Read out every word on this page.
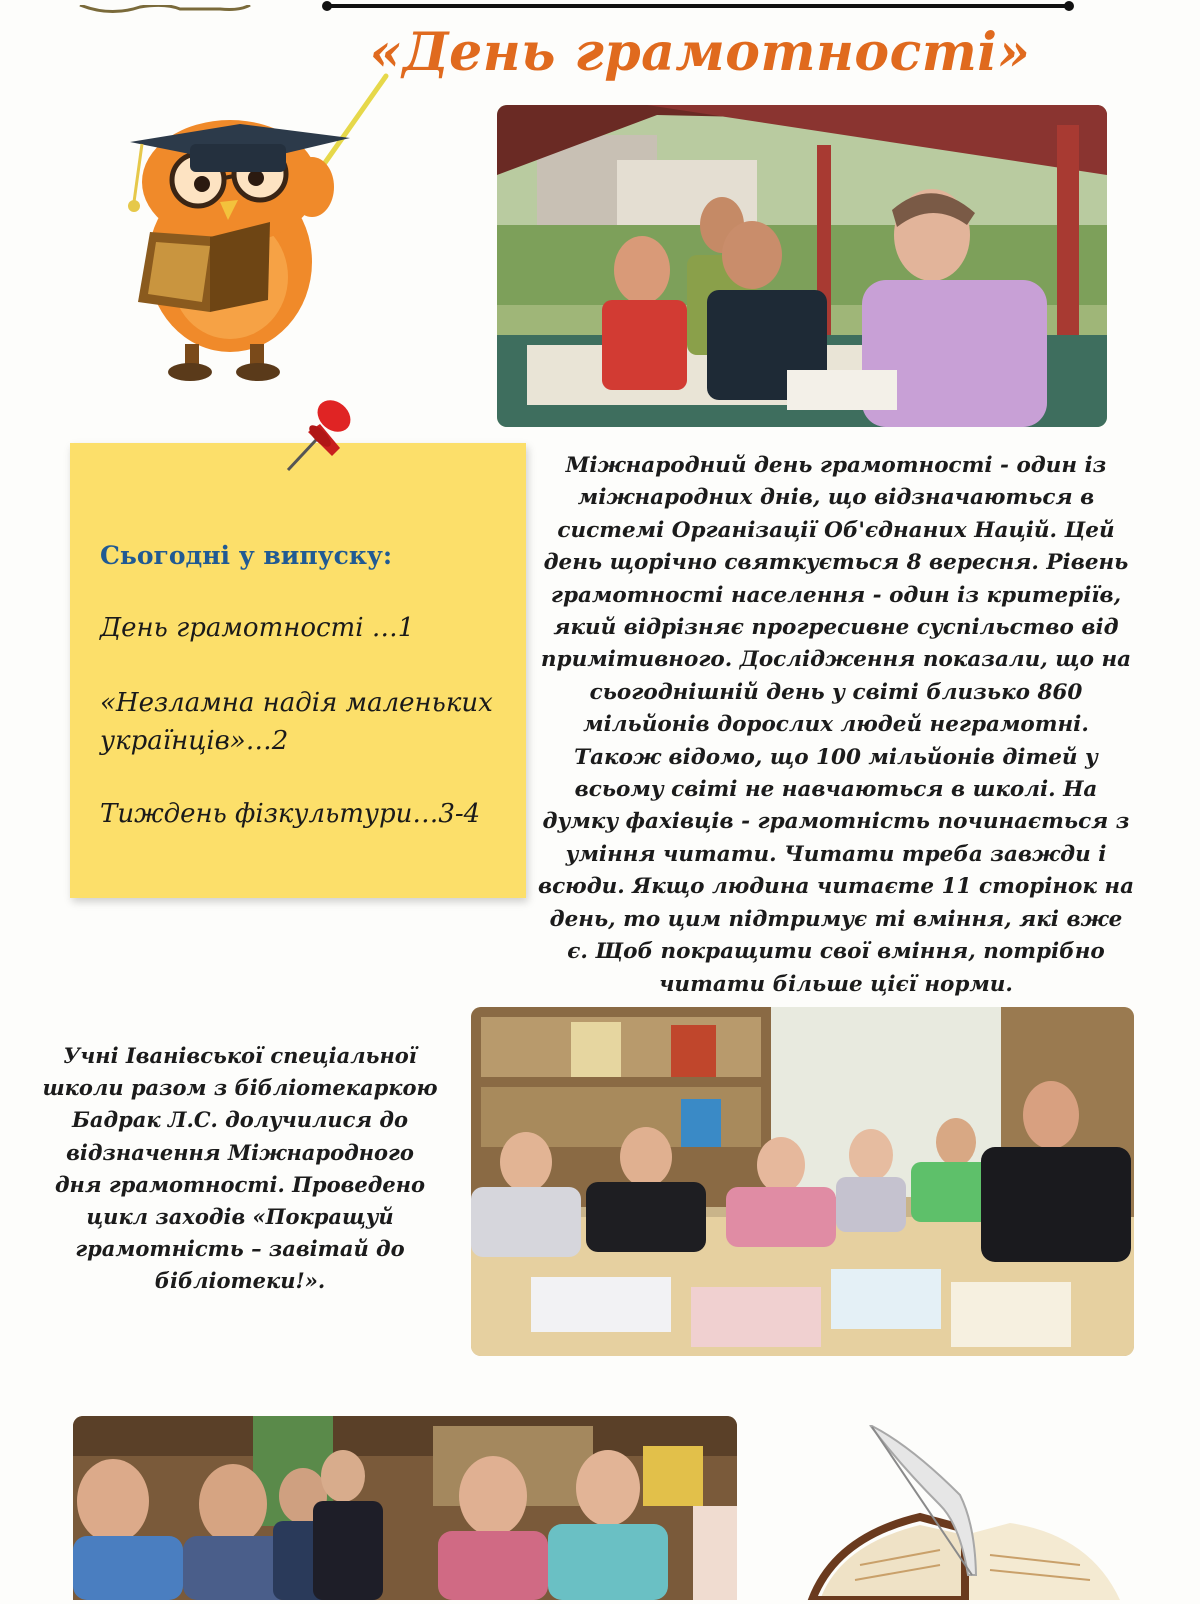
«День грамотності»
Сьогодні у випуску:
День грамотності …1
«Незламна надія маленьких українців»…2
Тиждень фізкультури…3-4
Міжнародний день грамотності - один із міжнародних днів, що відзначаються в системі Організації Об'єднаних Націй. Цей день щорічно святкується 8 вересня. Рівень грамотності населення - один із критеріїв, який відрізняє прогресивне суспільство від примітивного. Дослідження показали, що на сьогоднішній день у світі близько 860 мільйонів дорослих людей неграмотні. Також відомо, що 100 мільйонів дітей у всьому світі не навчаються в школі. На думку фахівців - грамотність починається з уміння читати. Читати треба завжди і всюди. Якщо людина читаєте 11 сторінок на день, то цим підтримує ті вміння, які вже є. Щоб покращити свої вміння, потрібно читати більше цієї норми.
Учні Іванівської спеціальної школи разом з бібліотекаркою Бадрак Л.С. долучилися до відзначення Міжнародного дня грамотності. Проведено цикл заходів «Покращуй грамотність – завітай до бібліотеки!».
